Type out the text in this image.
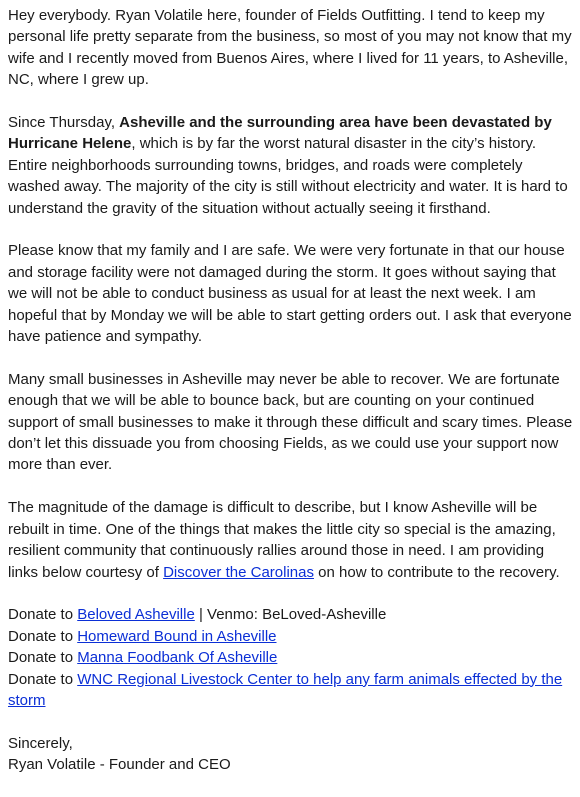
Hey everybody. Ryan Volatile here, founder of Fields Outfitting. I tend to keep my personal life pretty separate from the business, so most of you may not know that my wife and I recently moved from Buenos Aires, where I lived for 11 years, to Asheville, NC, where I grew up.

Since Thursday, Asheville and the surrounding area have been devastated by Hurricane Helene, which is by far the worst natural disaster in the city’s history. Entire neighborhoods surrounding towns, bridges, and roads were completely washed away. The majority of the city is still without electricity and water. It is hard to understand the gravity of the situation without actually seeing it firsthand.

Please know that my family and I are safe. We were very fortunate in that our house and storage facility were not damaged during the storm. It goes without saying that we will not be able to conduct business as usual for at least the next week. I am hopeful that by Monday we will be able to start getting orders out. I ask that everyone have patience and sympathy.

Many small businesses in Asheville may never be able to recover. We are fortunate enough that we will be able to bounce back, but are counting on your continued support of small businesses to make it through these difficult and scary times. Please don’t let this dissuade you from choosing Fields, as we could use your support now more than ever.

The magnitude of the damage is difficult to describe, but I know Asheville will be rebuilt in time. One of the things that makes the little city so special is the amazing, resilient community that continuously rallies around those in need. I am providing links below courtesy of Discover the Carolinas on how to contribute to the recovery.

Donate to Beloved Asheville | Venmo: BeLoved-Asheville
Donate to Homeward Bound in Asheville
Donate to Manna Foodbank Of Asheville
Donate to WNC Regional Livestock Center to help any farm animals effected by the storm

Sincerely,
Ryan Volatile - Founder and CEO
